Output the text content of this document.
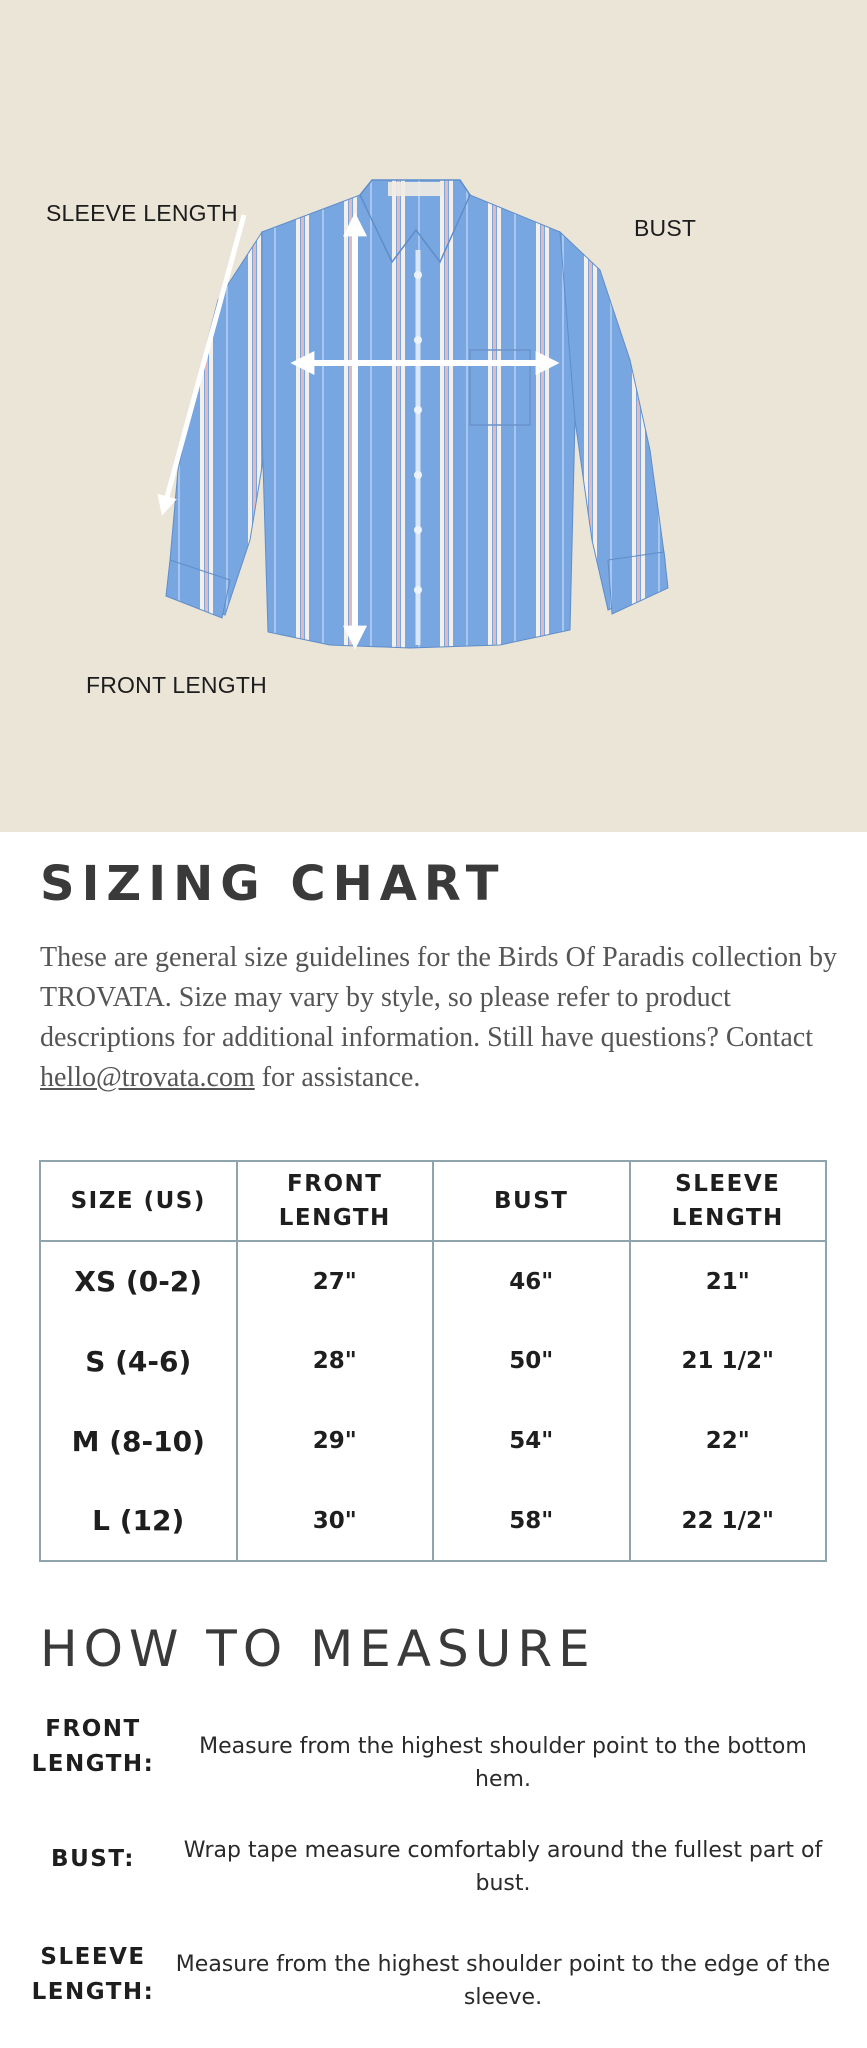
SLEEVE LENGTH
BUST
FRONT LENGTH
SIZING CHART

These are general size guidelines for the Birds Of Paradis collection by TROVATA. Size may vary by style, so please refer to product descriptions for additional information. Still have questions? Contact hello@trovata.com for assistance.

SIZE (US)	FRONT LENGTH	BUST	SLEEVE LENGTH
XS (0-2)	27"	46"	21"
S (4-6)	28"	50"	21 1/2"
M (8-10)	29"	54"	22"
L (12)	30"	58"	22 1/2"
HOW TO MEASURE
FRONT LENGTH:
Measure from the highest shoulder point to the bottom hem.
BUST:	Wrap tape measure comfortably around the fullest part of bust.
SLEEVE LENGTH:
Measure from the highest shoulder point to the edge of the sleeve.
